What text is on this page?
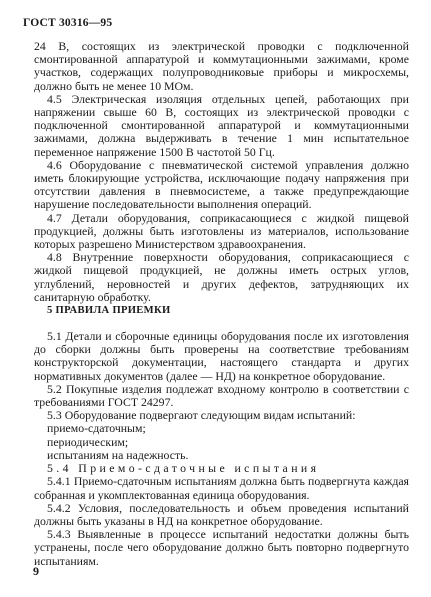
ГОСТ 30316—95

24 В, состоящих из электрической проводки с подключенной смонтированной аппаратурой и коммутационными зажимами, кроме участков, содержащих полупроводниковые приборы и микросхемы, должно быть не менее 10 МОм.

4.5 Электрическая изоляция отдельных цепей, работающих при напряжении свыше 60 В, состоящих из электрической проводки с подключенной смонтированной аппаратурой и коммутационными зажимами, должна выдерживать в течение 1 мин испытательное переменное напряжение 1500 В частотой 50 Гц.

4.6 Оборудование с пневматической системой управления должно иметь блокирующие устройства, исключающие подачу напряжения при отсутствии давления в пневмосистеме, а также предупреждающие нарушение последовательности выполнения операций.

4.7 Детали оборудования, соприкасающиеся с жидкой пищевой продукцией, должны быть изготовлены из материалов, использование которых разрешено Министерством здравоохранения.

4.8 Внутренние поверхности оборудования, соприкасающиеся с жидкой пищевой продукцией, не должны иметь острых углов, углублений, неровностей и других дефектов, затрудняющих их санитарную обработку.

5 ПРАВИЛА ПРИЕМКИ

5.1 Детали и сборочные единицы оборудования после их изготовления до сборки должны быть проверены на соответствие требованиям конструкторской документации, настоящего стандарта и других нормативных документов (далее — НД) на конкретное оборудование.

5.2 Покупные изделия подлежат входному контролю в соответствии с требованиями ГОСТ 24297.

5.3 Оборудование подвергают следующим видам испытаний:

приемо-сдаточным;

периодическим;

испытаниям на надежность.

5.4 Приемо-сдаточные испытания

5.4.1 Приемо-сдаточным испытаниям должна быть подвергнута каждая собранная и укомплектованная единица оборудования.

5.4.2 Условия, последовательность и объем проведения испытаний должны быть указаны в НД на конкретное оборудование.

5.4.3 Выявленные в процессе испытаний недостатки должны быть устранены, после чего оборудование должно быть повторно подвергнуто испытаниям.

9
